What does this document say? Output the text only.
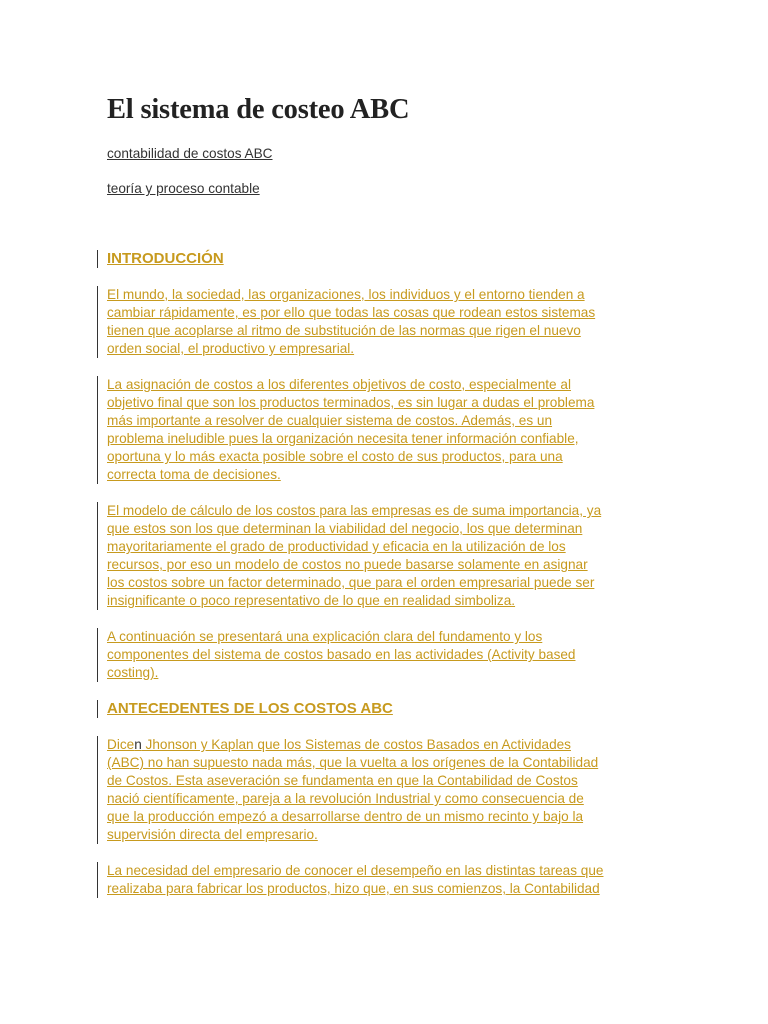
El sistema de costeo ABC
contabilidad de costos ABC
teoría y proceso contable
INTRODUCCIÓN

El mundo, la sociedad, las organizaciones, los individuos y el entorno tienden a
cambiar rápidamente, es por ello que todas las cosas que rodean estos sistemas
tienen que acoplarse al ritmo de substitución de las normas que rigen el nuevo
orden social, el productivo y empresarial.

La asignación de costos a los diferentes objetivos de costo, especialmente al
objetivo final que son los productos terminados, es sin lugar a dudas el problema
más importante a resolver de cualquier sistema de costos. Además, es un
problema ineludible pues la organización necesita tener información confiable,
oportuna y lo más exacta posible sobre el costo de sus productos, para una
correcta toma de decisiones.

El modelo de cálculo de los costos para las empresas es de suma importancia, ya
que estos son los que determinan la viabilidad del negocio, los que determinan
mayoritariamente el grado de productividad y eficacia en la utilización de los
recursos, por eso un modelo de costos no puede basarse solamente en asignar
los costos sobre un factor determinado, que para el orden empresarial puede ser
insignificante o poco representativo de lo que en realidad simboliza.

A continuación se presentará una explicación clara del fundamento y los
componentes del sistema de costos basado en las actividades (Activity based
costing).

ANTECEDENTES DE LOS COSTOS ABC

Dicen Jhonson y Kaplan que los Sistemas de costos Basados en Actividades
(ABC) no han supuesto nada más, que la vuelta a los orígenes de la Contabilidad
de Costos. Esta aseveración se fundamenta en que la Contabilidad de Costos
nació científicamente, pareja a la revolución Industrial y como consecuencia de
que la producción empezó a desarrollarse dentro de un mismo recinto y bajo la
supervisión directa del empresario.

La necesidad del empresario de conocer el desempeño en las distintas tareas que
realizaba para fabricar los productos, hizo que, en sus comienzos, la Contabilidad
